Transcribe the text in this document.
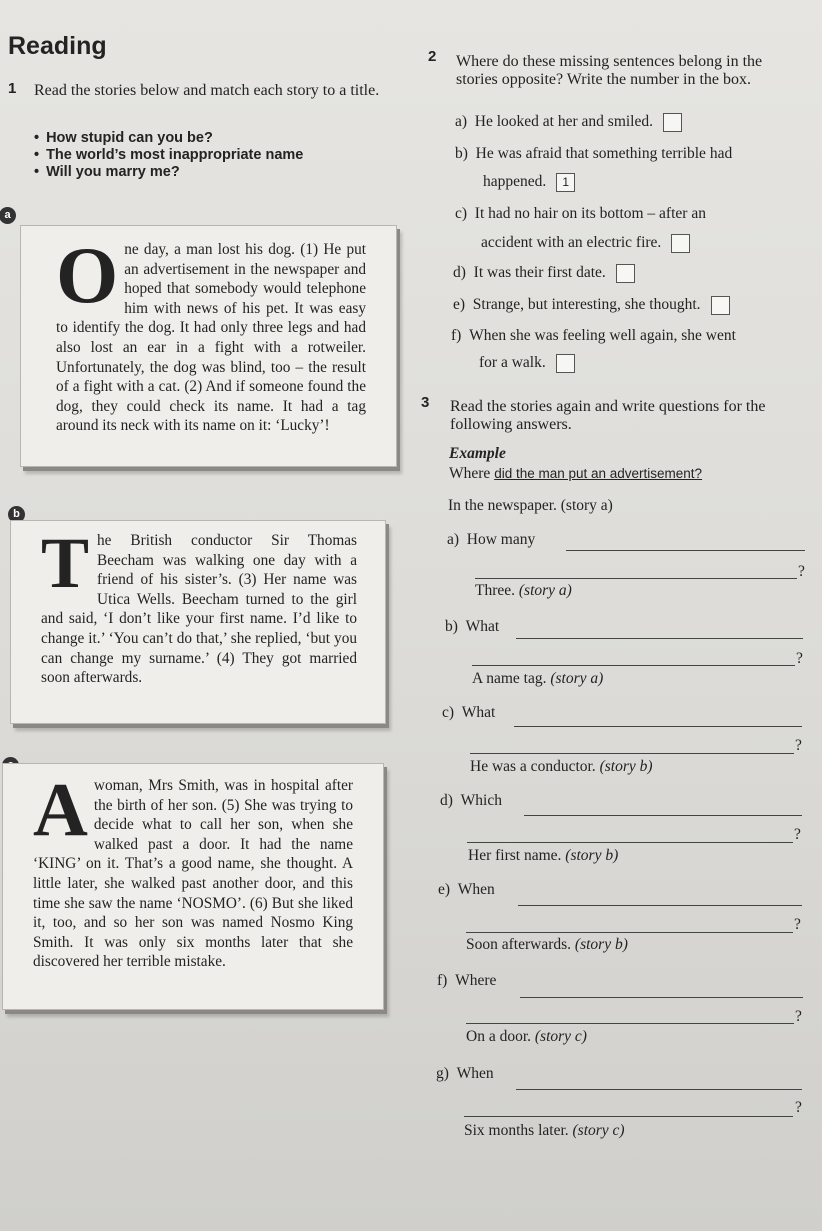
Reading
1 Read the stories below and match each story to a title.
• How stupid can you be?
• The world’s most inappropriate name
• Will you marry me?
a
O ne day, a man lost his dog. (1) He put an advertisement in the newspaper and hoped that somebody would telephone him with news of his pet. It was easy to identify the dog. It had only three legs and had also lost an ear in a fight with a rotweiler. Unfortunately, the dog was blind, too – the result of a fight with a cat. (2) And if someone found the dog, they could check its name. It had a tag around its neck with its name on it: ‘Lucky’!
b
T he British conductor Sir Thomas Beecham was walking one day with a friend of his sister’s. (3) Her name was Utica Wells. Beecham turned to the girl and said, ‘I don’t like your first name. I’d like to change it.’ ‘You can’t do that,’ she replied, ‘but you can change my surname.’ (4) They got married soon afterwards.
A woman, Mrs Smith, was in hospital after the birth of her son. (5) She was trying to decide what to call her son, when she walked past a door. It had the name ‘KING’ on it. That’s a good name, she thought. A little later, she walked past another door, and this time she saw the name ‘NOSMO’. (6) But she liked it, too, and so her son was named Nosmo King Smith. It was only six months later that she discovered her terrible mistake.
2 Where do these missing sentences belong in the stories opposite? Write the number in the box.
a) He looked at her and smiled.
b) He was afraid that something terrible had
happened. 1
c) It had no hair on its bottom – after an
accident with an electric fire.
d) It was their first date.
e) Strange, but interesting, she thought.
f) When she was feeling well again, she went
for a walk.
3 Read the stories again and write questions for the following answers.
Example
Where did the man put an advertisement?
In the newspaper. (story a)
a) How many
?
Three. (story a)
b) What
?
A name tag. (story a)
c) What
?
He was a conductor. (story b)
d) Which
?
Her first name. (story b)
e) When
?
Soon afterwards. (story b)
f) Where
?
On a door. (story c)
g) When
?
Six months later. (story c)
